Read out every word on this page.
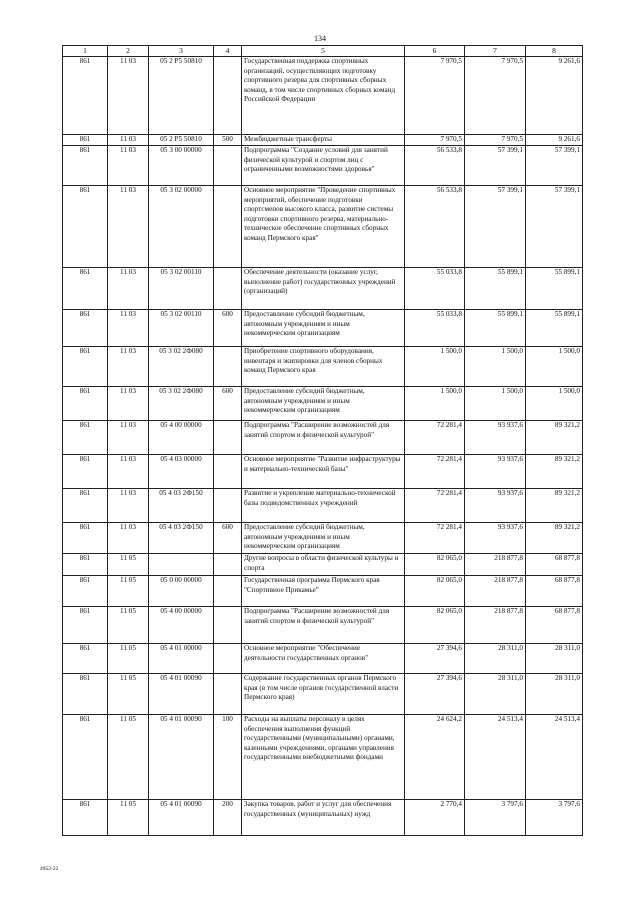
134
1	2	3	4	5	6	7	8
861	11 03	05 2 P5 50810		Государственная поддержка спортивных организаций, осуществляющих подготовку спортивного резерва для спортивных сборных команд, в том числе спортивных сборных команд Российской Федерации	7 970,5	7 970,5	9 261,6
861	11 03	05 2 P5 50810	500	Межбюджетные трансферты	7 970,5	7 970,5	9 261,6
861	11 03	05 3 00 00000		Подпрограмма "Создание условий для занятий физической культурой и спортом лиц с ограниченными возможностями здоровья"	56 533,8	57 399,1	57 399,1
861	11 03	05 3 02 00000		Основное мероприятие "Проведение спортивных мероприятий, обеспечение подготовки спортсменов высокого класса, развитие системы подготовки спортивного резерва, материально-техническое обеспечение спортивных сборных команд Пермского края"	56 533,8	57 399,1	57 399,1
861	11 03	05 3 02 00110		Обеспечение деятельности (оказание услуг, выполнение работ) государственных учреждений (организаций)	55 033,8	55 899,1	55 899,1
861	11 03	05 3 02 00110	600	Предоставление субсидий бюджетным, автономным учреждениям и иным некоммерческим организациям	55 033,8	55 899,1	55 899,1
861	11 03	05 3 02 2Ф080		Приобретение спортивного оборудования, инвентаря и экипировки для членов сборных команд Пермского края	1 500,0	1 500,0	1 500,0
861	11 03	05 3 02 2Ф080	600	Предоставление субсидий бюджетным, автономным учреждениям и иным некоммерческим организациям	1 500,0	1 500,0	1 500,0
861	11 03	05 4 00 00000		Подпрограмма "Расширение возможностей для занятий спортом и физической культурой"	72 281,4	93 937,6	89 321,2
861	11 03	05 4 03 00000		Основное мероприятие "Развитие инфраструктуры и материально-технической базы"	72 281,4	93 937,6	89 321,2
861	11 03	05 4 03 2Ф150		Развитие и укрепление материально-технической базы подведомственных учреждений	72 281,4	93 937,6	89 321,2
861	11 03	05 4 03 2Ф150	600	Предоставление субсидий бюджетным, автономным учреждениям и иным некоммерческим организациям	72 281,4	93 937,6	89 321,2
861	11 05			Другие вопросы в области физической культуры и спорта	82 065,0	218 877,8	68 877,8
861	11 05	05 0 00 00000		Государственная программа Пермского края "Спортивное Прикамье"	82 065,0	218 877,8	68 877,8
861	11 05	05 4 00 00000		Подпрограмма "Расширение возможностей для занятий спортом и физической культурой"	82 065,0	218 877,8	68 877,8
861	11 05	05 4 01 00000		Основное мероприятие "Обеспечение деятельности государственных органов"	27 394,6	28 311,0	28 311,0
861	11 05	05 4 01 00090		Содержание государственных органов Пермского края (в том числе органов государственной власти Пермского края)	27 394,6	28 311,0	28 311,0
861	11 05	05 4 01 00090	100	Расходы на выплаты персоналу в целях обеспечения выполнения функций государственными (муниципальными) органами, казенными учреждениями, органами управления государственными внебюджетными фондами	24 624,2	24 513,4	24 513,4
861	11 05	05 4 01 00090	200	Закупка товаров, работ и услуг для обеспечения государственных (муниципальных) нужд	2 770,4	3 797,6	3 797,6
4952-22
